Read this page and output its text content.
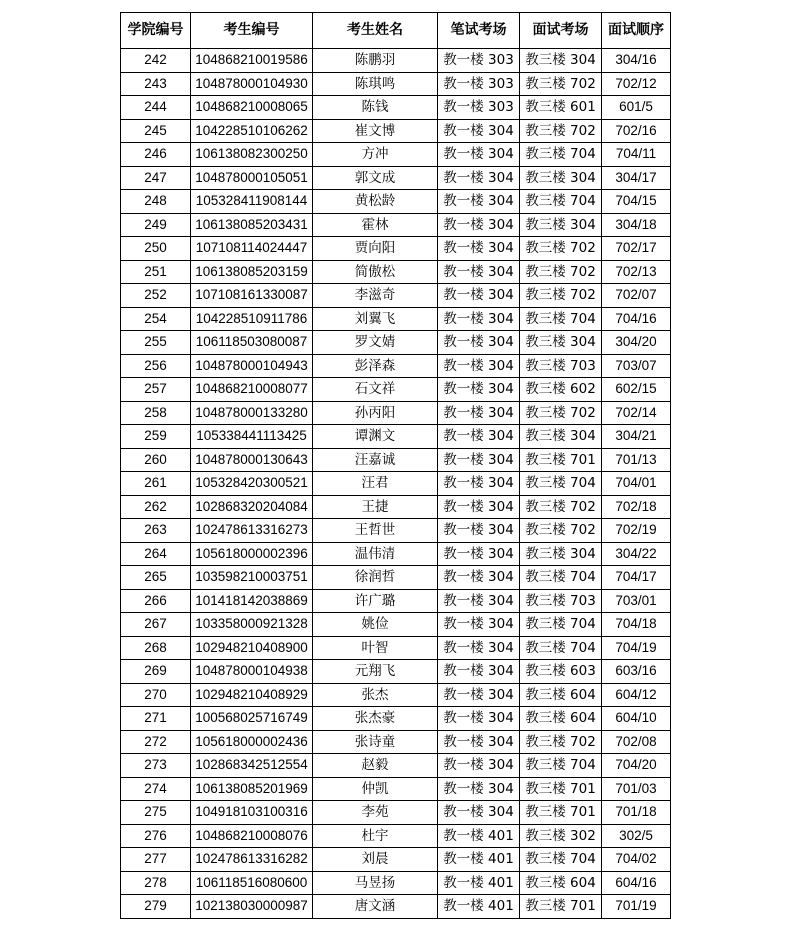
学院编号	考生编号	考生姓名	笔试考场	面试考场	面试顺序
242	104868210019586	陈鹏羽	教一楼 303	教三楼 304	304/16
243	104878000104930	陈琪鸣	教一楼 303	教三楼 702	702/12
244	104868210008065	陈钱	教一楼 303	教三楼 601	601/5
245	104228510106262	崔文博	教一楼 304	教三楼 702	702/16
246	106138082300250	方冲	教一楼 304	教三楼 704	704/11
247	104878000105051	郭文成	教一楼 304	教三楼 304	304/17
248	105328411908144	黄松龄	教一楼 304	教三楼 704	704/15
249	106138085203431	霍林	教一楼 304	教三楼 304	304/18
250	107108114024447	贾向阳	教一楼 304	教三楼 702	702/17
251	106138085203159	简傲松	教一楼 304	教三楼 702	702/13
252	107108161330087	李滋奇	教一楼 304	教三楼 702	702/07
254	104228510911786	刘翼飞	教一楼 304	教三楼 704	704/16
255	106118503080087	罗文婧	教一楼 304	教三楼 304	304/20
256	104878000104943	彭泽森	教一楼 304	教三楼 703	703/07
257	104868210008077	石文祥	教一楼 304	教三楼 602	602/15
258	104878000133280	孙丙阳	教一楼 304	教三楼 702	702/14
259	105338441113425	谭渊文	教一楼 304	教三楼 304	304/21
260	104878000130643	汪嘉诚	教一楼 304	教三楼 701	701/13
261	105328420300521	汪君	教一楼 304	教三楼 704	704/01
262	102868320204084	王捷	教一楼 304	教三楼 702	702/18
263	102478613316273	王哲世	教一楼 304	教三楼 702	702/19
264	105618000002396	温伟清	教一楼 304	教三楼 304	304/22
265	103598210003751	徐润哲	教一楼 304	教三楼 704	704/17
266	101418142038869	许广璐	教一楼 304	教三楼 703	703/01
267	103358000921328	姚俭	教一楼 304	教三楼 704	704/18
268	102948210408900	叶智	教一楼 304	教三楼 704	704/19
269	104878000104938	元翔飞	教一楼 304	教三楼 603	603/16
270	102948210408929	张杰	教一楼 304	教三楼 604	604/12
271	100568025716749	张杰豪	教一楼 304	教三楼 604	604/10
272	105618000002436	张诗童	教一楼 304	教三楼 702	702/08
273	102868342512554	赵毅	教一楼 304	教三楼 704	704/20
274	106138085201969	仲凯	教一楼 304	教三楼 701	701/03
275	104918103100316	李苑	教一楼 304	教三楼 701	701/18
276	104868210008076	杜宇	教一楼 401	教三楼 302	302/5
277	102478613316282	刘晨	教一楼 401	教三楼 704	704/02
278	106118516080600	马昱扬	教一楼 401	教三楼 604	604/16
279	102138030000987	唐文涵	教一楼 401	教三楼 701	701/19
